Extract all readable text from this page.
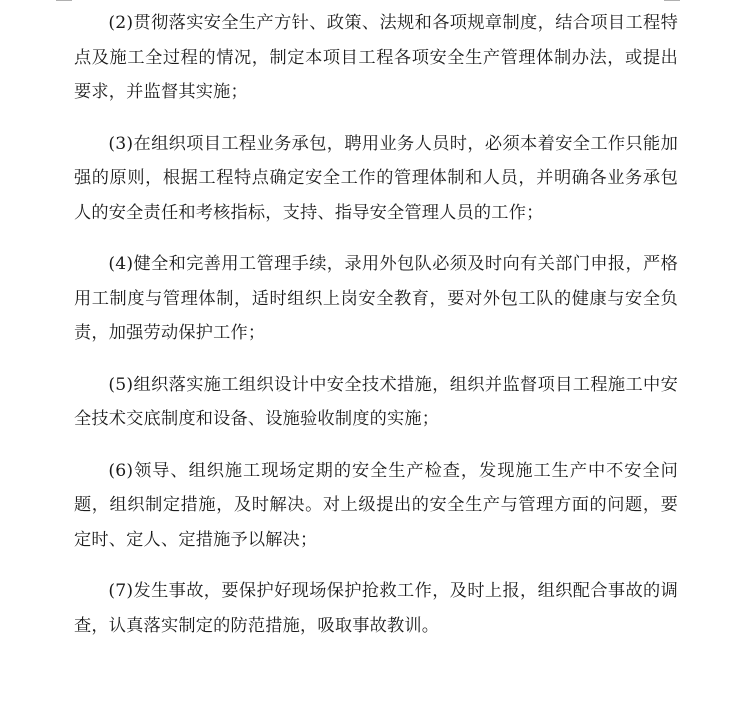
(2)贯彻落实安全生产方针、政策、法规和各项规章制度，结合项目工程特点及施工全过程的情况，制定本项目工程各项安全生产管理体制办法，或提出要求，并监督其实施；

(3)在组织项目工程业务承包，聘用业务人员时，必须本着安全工作只能加强的原则，根据工程特点确定安全工作的管理体制和人员，并明确各业务承包人的安全责任和考核指标，支持、指导安全管理人员的工作；

(4)健全和完善用工管理手续，录用外包队必须及时向有关部门申报，严格用工制度与管理体制，适时组织上岗安全教育，要对外包工队的健康与安全负责，加强劳动保护工作；

(5)组织落实施工组织设计中安全技术措施，组织并监督项目工程施工中安全技术交底制度和设备、设施验收制度的实施；

(6)领导、组织施工现场定期的安全生产检查，发现施工生产中不安全问题，组织制定措施，及时解决。对上级提出的安全生产与管理方面的问题，要定时、定人、定措施予以解决；

(7)发生事故，要保护好现场保护抢救工作，及时上报，组织配合事故的调查，认真落实制定的防范措施，吸取事故教训。
